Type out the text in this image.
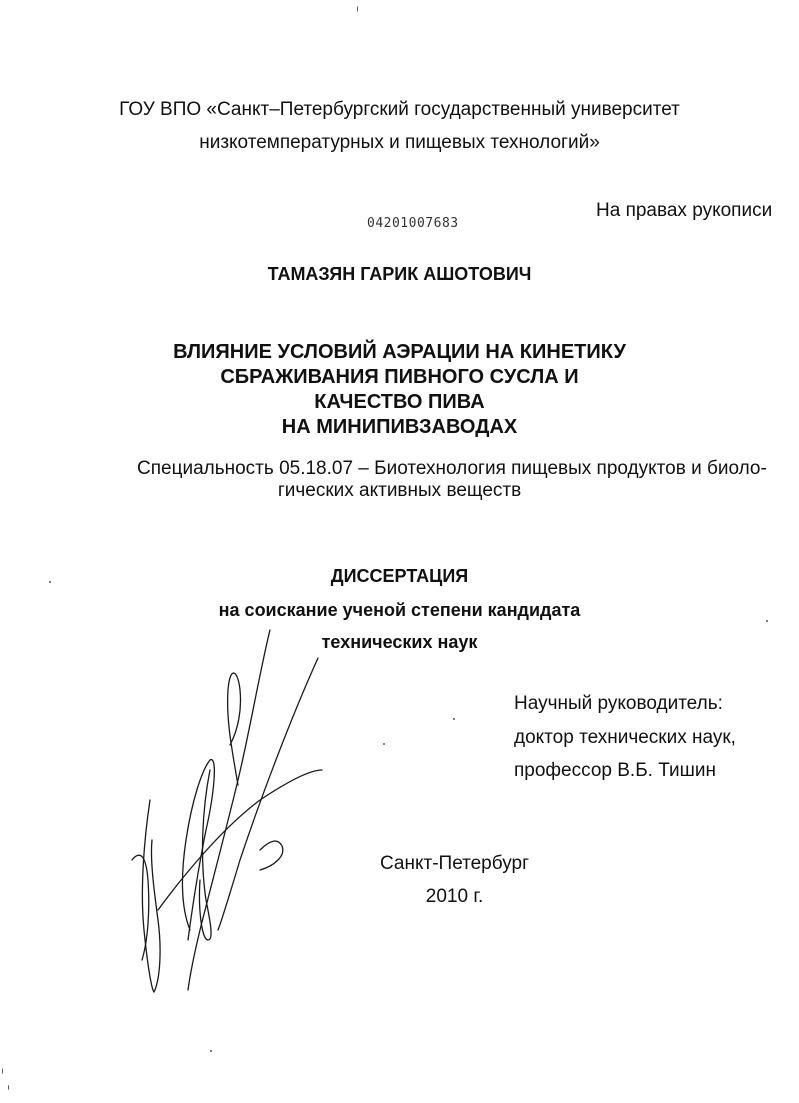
ГОУ ВПО «Санкт–Петербургский государственный университет
низкотемпературных и пищевых технологий»
На правах рукописи
04201007683
ТАМАЗЯН ГАРИК АШОТОВИЧ
ВЛИЯНИЕ УСЛОВИЙ АЭРАЦИИ НА КИНЕТИКУ
СБРАЖИВАНИЯ ПИВНОГО СУСЛА И
КАЧЕСТВО ПИВА
НА МИНИПИВЗАВОДАХ
Специальность 05.18.07 – Биотехнология пищевых продуктов и биоло-
гических активных веществ
ДИССЕРТАЦИЯ
на соискание ученой степени кандидата
технических наук
Научный руководитель:
доктор технических наук,
профессор В.Б. Тишин
Санкт-Петербург
2010 г.
